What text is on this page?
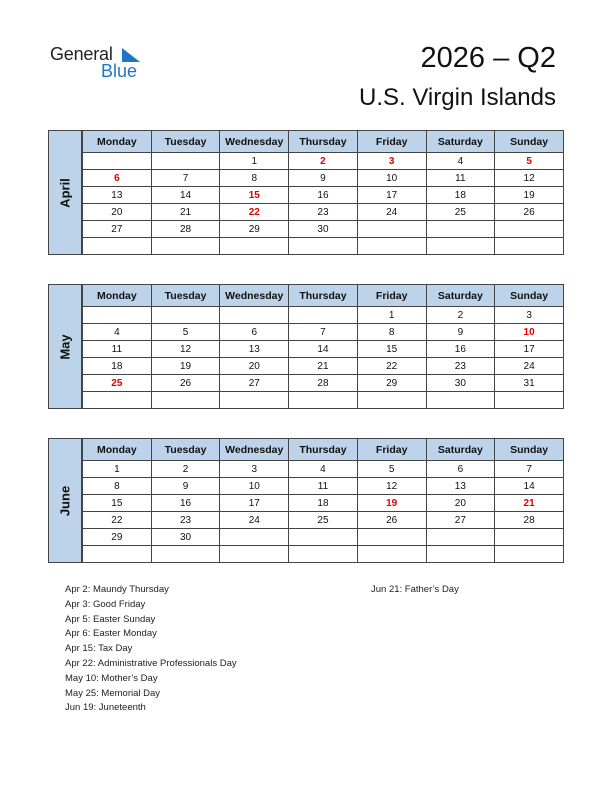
General
Blue	2026 – Q2
U.S. Virgin Islands
April
Monday	Tuesday	Wednesday	Thursday	Friday	Saturday	Sunday
		1	2	3	4	5
6	7	8	9	10	11	12
13	14	15	16	17	18	19
20	21	22	23	24	25	26
27	28	29	30			

May
Monday	Tuesday	Wednesday	Thursday	Friday	Saturday	Sunday
				1	2	3
4	5	6	7	8	9	10
11	12	13	14	15	16	17
18	19	20	21	22	23	24
25	26	27	28	29	30	31

June
Monday	Tuesday	Wednesday	Thursday	Friday	Saturday	Sunday
1	2	3	4	5	6	7
8	9	10	11	12	13	14
15	16	17	18	19	20	21
22	23	24	25	26	27	28
29	30					

Apr 2: Maundy Thursday
Apr 3: Good Friday
Apr 5: Easter Sunday
Apr 6: Easter Monday
Apr 15: Tax Day
Apr 22: Administrative Professionals Day
May 10: Mother’s Day
May 25: Memorial Day
Jun 19: Juneteenth
Jun 21: Father’s Day
